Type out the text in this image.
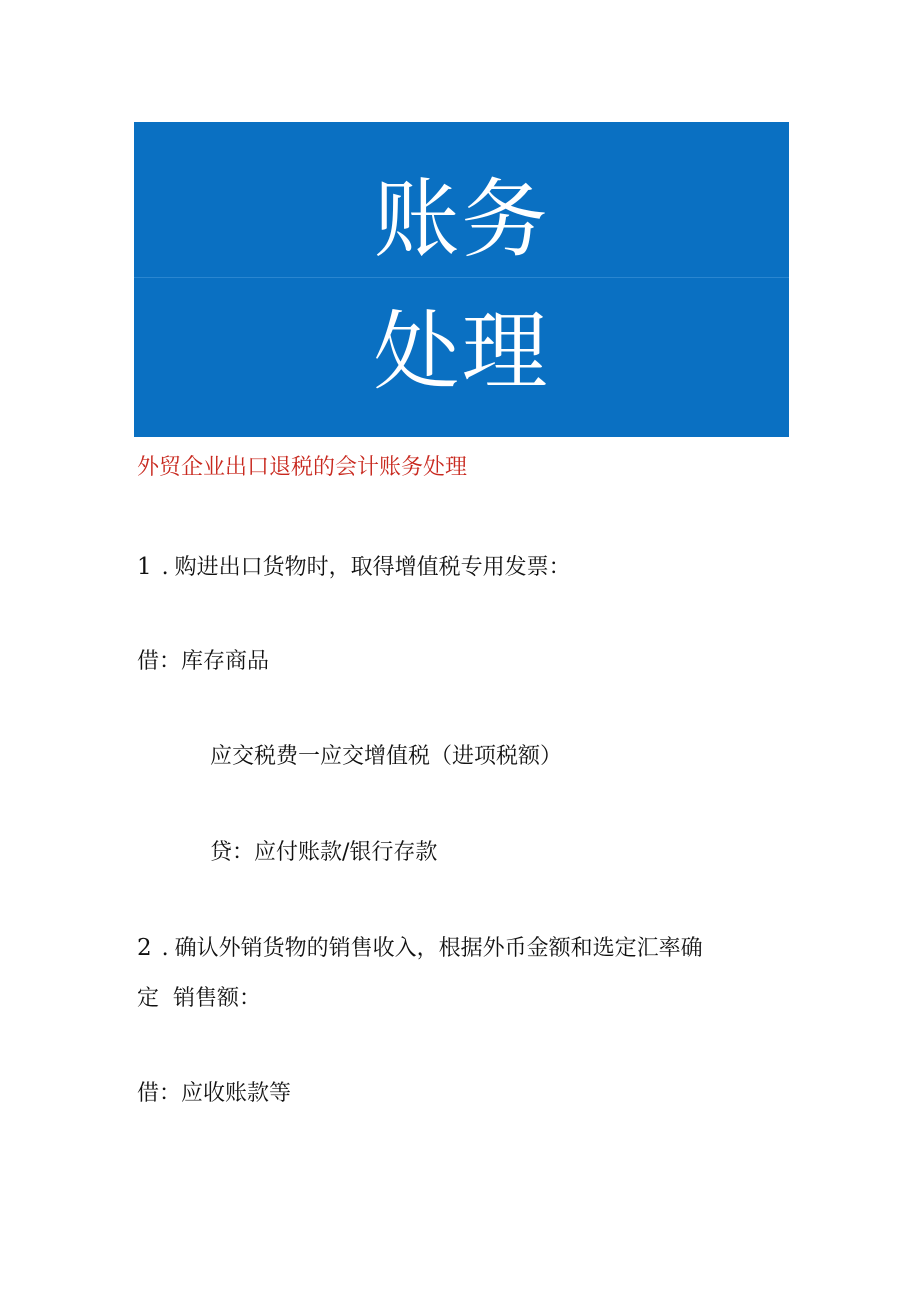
账务
处理
外贸企业出口退税的会计账务处理
1 . 购进出口货物时，取得增值税专用发票：
借：库存商品
应交税费一应交增值税（进项税额）
贷：应付账款/银行存款
2 . 确认外销货物的销售收入，根据外币金额和选定汇率确
定  销售额：
借：应收账款等
